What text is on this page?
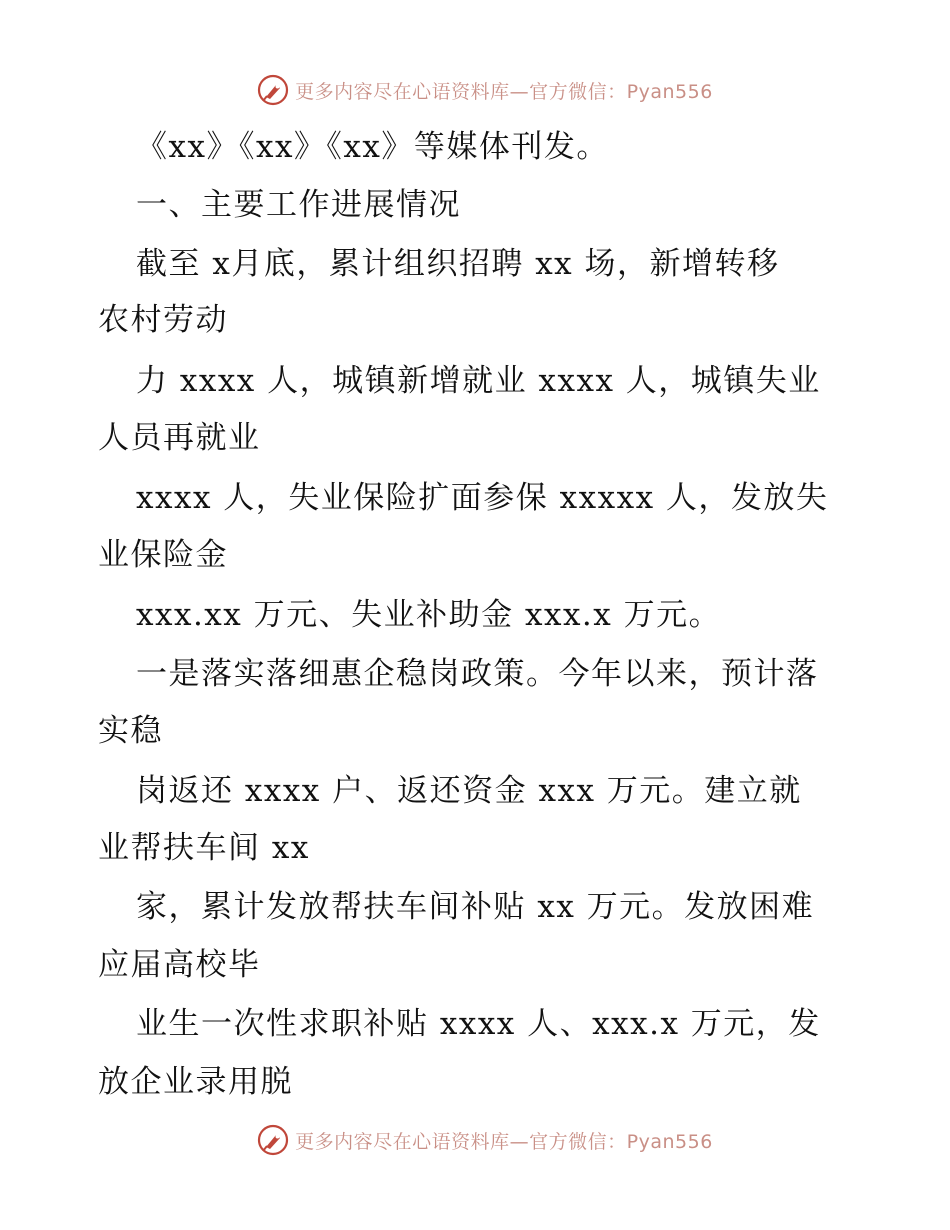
更多内容尽在心语资料库—官方微信：Pyan556
《xx》《xx》《xx》等媒体刊发。
一、主要工作进展情况
截至 x月底，累计组织招聘 xx 场，新增转移
农村劳动
力 xxxx 人，城镇新增就业 xxxx 人，城镇失业
人员再就业
xxxx 人，失业保险扩面参保 xxxxx 人，发放失
业保险金
xxx.xx 万元、失业补助金 xxx.x 万元。
一是落实落细惠企稳岗政策。今年以来，预计落
实稳
岗返还 xxxx 户、返还资金 xxx 万元。建立就
业帮扶车间 xx
家，累计发放帮扶车间补贴 xx 万元。发放困难
应届高校毕
业生一次性求职补贴 xxxx 人、xxx.x 万元，发
放企业录用脱
更多内容尽在心语资料库—官方微信：Pyan556
